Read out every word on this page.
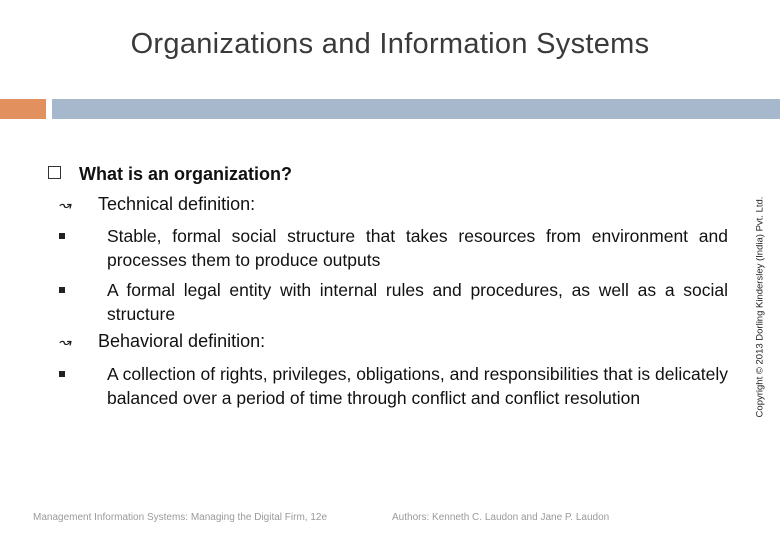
Organizations and Information Systems
Copyright © 2013 Dorling Kindersley (India) Pvt. Ltd.
What is an organization?
↝ Technical definition:
Stable, formal social structure that takes resources from environment and processes them to produce outputs
A formal legal entity with internal rules and procedures, as well as a social structure
↝ Behavioral definition:
A collection of rights, privileges, obligations, and responsibilities that is delicately balanced over a period of time through conflict and conflict resolution
Management Information Systems: Managing the Digital Firm, 12e	Authors: Kenneth C. Laudon and Jane P. Laudon
